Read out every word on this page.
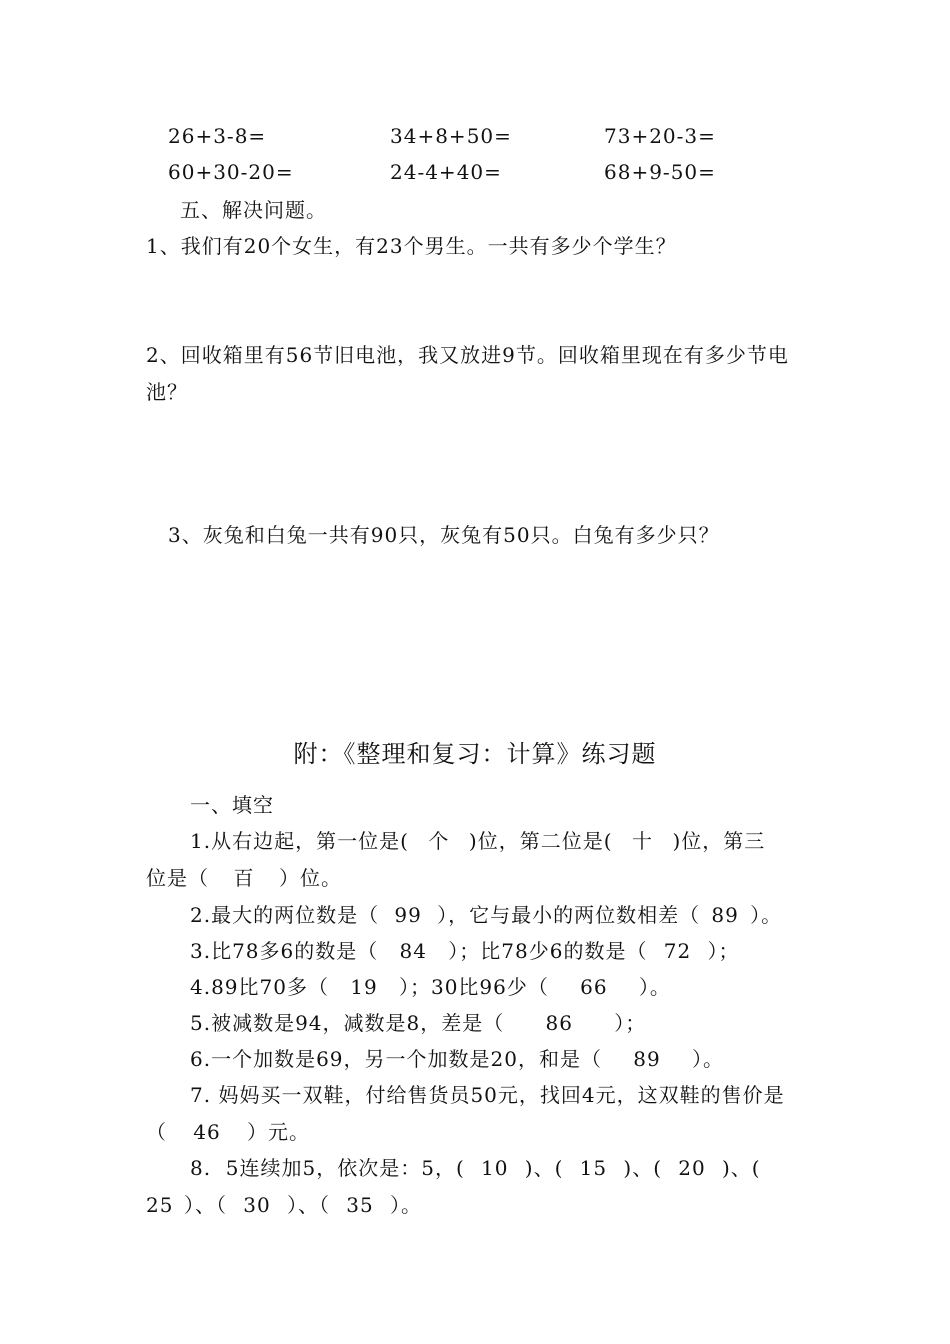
26+3-8=	34+8+50=	73+20-3=
60+30-20=	24-4+40=	68+9-50=
五、解决问题。
1、我们有20个女生，有23个男生。一共有多少个学生？
2、回收箱里有56节旧电池，我又放进9节。回收箱里现在有多少节电
池？
3、灰兔和白兔一共有90只，灰兔有50只。白兔有多少只？
附：《整理和复习：计算》练习题
一、填空
1.从右边起，第一位是( 个 )位，第二位是( 十 )位，第三
位是（ 百 ）位。
2.最大的两位数是（ 99 ），它与最小的两位数相差（ 89 ）。
3.比78多6的数是（ 84 ）；比78少6的数是（ 72 ）；
4.89比70多（ 19 ）；30比96少（ 66 ）。
5.被减数是94，减数是8，差是（ 86 ）；
6.一个加数是69，另一个加数是20，和是（ 89 ）。
7. 妈妈买一双鞋，付给售货员50元，找回4元，这双鞋的售价是
（ 46 ）元。
8.  5连续加5，依次是：5，( 10 )、( 15 )、( 20 )、(
25 ）、（ 30 ）、（ 35 ）。
